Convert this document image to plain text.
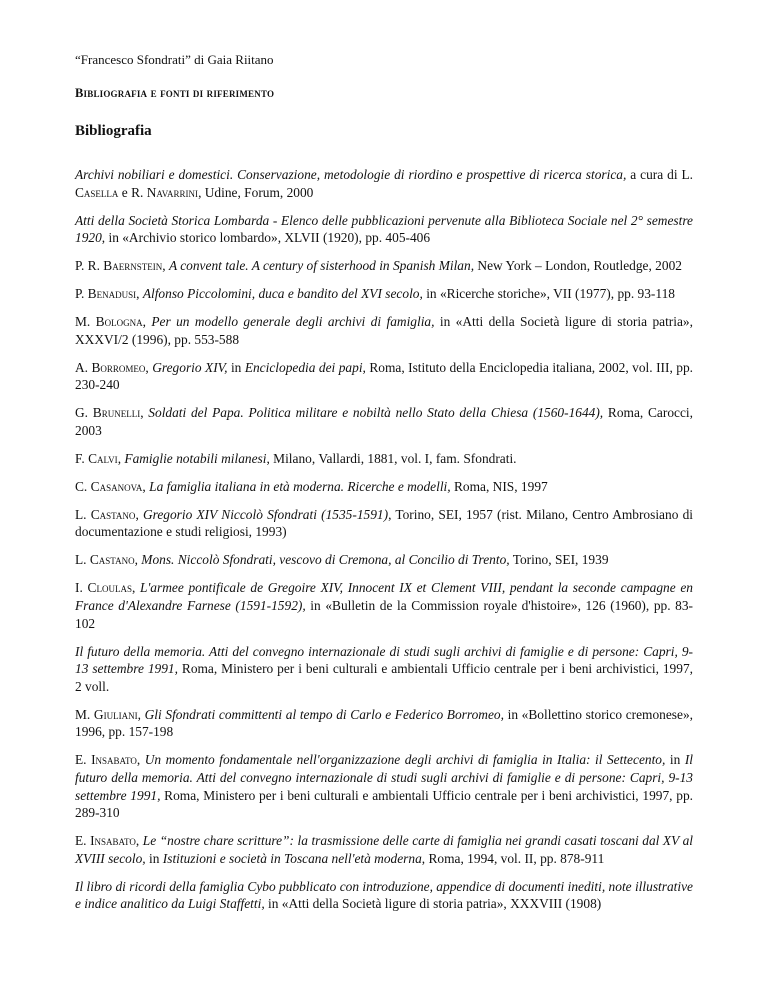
“Francesco Sfondrati” di Gaia Riitano
Bibliografia e fonti di riferimento
Bibliografia

Archivi nobiliari e domestici. Conservazione, metodologie di riordino e prospettive di ricerca storica, a cura di L. Casella e R. Navarrini, Udine, Forum, 2000

Atti della Società Storica Lombarda - Elenco delle pubblicazioni pervenute alla Biblioteca Sociale nel 2° semestre 1920, in «Archivio storico lombardo», XLVII (1920), pp. 405-406

P. R. Baernstein, A convent tale. A century of sisterhood in Spanish Milan, New York – London, Routledge, 2002

P. Benadusi, Alfonso Piccolomini, duca e bandito del XVI secolo, in «Ricerche storiche», VII (1977), pp. 93-118

M. Bologna, Per un modello generale degli archivi di famiglia, in «Atti della Società ligure di storia patria», XXXVI/2 (1996), pp. 553-588

A. Borromeo, Gregorio XIV, in Enciclopedia dei papi, Roma, Istituto della Enciclopedia italiana, 2002, vol. III, pp. 230-240

G. Brunelli, Soldati del Papa. Politica militare e nobiltà nello Stato della Chiesa (1560-1644), Roma, Carocci, 2003

F. Calvi, Famiglie notabili milanesi, Milano, Vallardi, 1881, vol. I, fam. Sfondrati.

C. Casanova, La famiglia italiana in età moderna. Ricerche e modelli, Roma, NIS, 1997

L. Castano, Gregorio XIV Niccolò Sfondrati (1535-1591), Torino, SEI, 1957 (rist. Milano, Centro Ambrosiano di documentazione e studi religiosi, 1993)

L. Castano, Mons. Niccolò Sfondrati, vescovo di Cremona, al Concilio di Trento, Torino, SEI, 1939

I. Cloulas, L'armee pontificale de Gregoire XIV, Innocent IX et Clement VIII, pendant la seconde campagne en France d'Alexandre Farnese (1591-1592), in «Bulletin de la Commission royale d'histoire», 126 (1960), pp. 83-102

Il futuro della memoria. Atti del convegno internazionale di studi sugli archivi di famiglie e di persone: Capri, 9-13 settembre 1991, Roma, Ministero per i beni culturali e ambientali Ufficio centrale per i beni archivistici, 1997, 2 voll.

M. Giuliani, Gli Sfondrati committenti al tempo di Carlo e Federico Borromeo, in «Bollettino storico cremonese», 1996, pp. 157-198

E. Insabato, Un momento fondamentale nell'organizzazione degli archivi di famiglia in Italia: il Settecento, in Il futuro della memoria. Atti del convegno internazionale di studi sugli archivi di famiglie e di persone: Capri, 9-13 settembre 1991, Roma, Ministero per i beni culturali e ambientali Ufficio centrale per i beni archivistici, 1997, pp. 289-310

E. Insabato, Le “nostre chare scritture”: la trasmissione delle carte di famiglia nei grandi casati toscani dal XV al XVIII secolo, in Istituzioni e società in Toscana nell'età moderna, Roma, 1994, vol. II, pp. 878-911

Il libro di ricordi della famiglia Cybo pubblicato con introduzione, appendice di documenti inediti, note illustrative e indice analitico da Luigi Staffetti, in «Atti della Società ligure di storia patria», XXXVIII (1908)
